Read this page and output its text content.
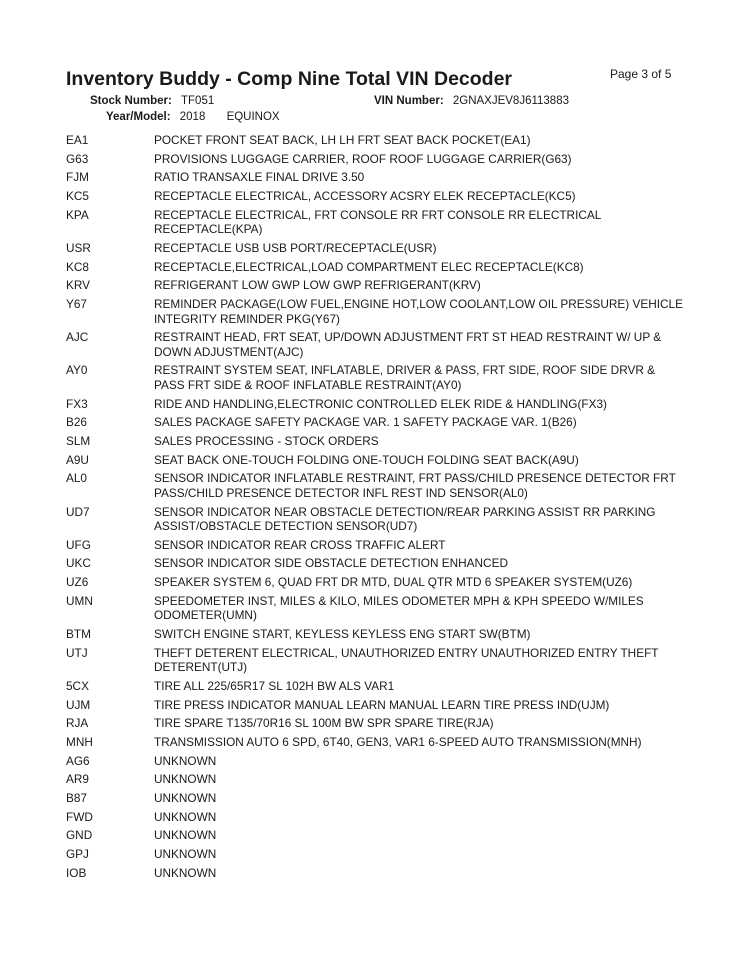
Inventory Buddy - Comp Nine Total VIN Decoder	Page 3 of 5
Stock Number: TF051	VIN Number: 2GNAXJEV8J6113883
Year/Model: 2018 EQUINOX
EA1	POCKET FRONT SEAT BACK, LH LH FRT SEAT BACK POCKET(EA1)
G63	PROVISIONS LUGGAGE CARRIER, ROOF ROOF LUGGAGE CARRIER(G63)
FJM	RATIO TRANSAXLE FINAL DRIVE 3.50
KC5	RECEPTACLE ELECTRICAL, ACCESSORY ACSRY ELEK RECEPTACLE(KC5)
KPA	RECEPTACLE ELECTRICAL, FRT CONSOLE RR FRT CONSOLE RR ELECTRICAL RECEPTACLE(KPA)
USR	RECEPTACLE USB USB PORT/RECEPTACLE(USR)
KC8	RECEPTACLE,ELECTRICAL,LOAD COMPARTMENT ELEC RECEPTACLE(KC8)
KRV	REFRIGERANT LOW GWP LOW GWP REFRIGERANT(KRV)
Y67	REMINDER PACKAGE(LOW FUEL,ENGINE HOT,LOW COOLANT,LOW OIL PRESSURE) VEHICLE INTEGRITY REMINDER PKG(Y67)
AJC	RESTRAINT HEAD, FRT SEAT, UP/DOWN ADJUSTMENT FRT ST HEAD RESTRAINT W/ UP & DOWN ADJUSTMENT(AJC)
AY0	RESTRAINT SYSTEM SEAT, INFLATABLE, DRIVER & PASS, FRT SIDE, ROOF SIDE DRVR & PASS FRT SIDE & ROOF INFLATABLE RESTRAINT(AY0)
FX3	RIDE AND HANDLING,ELECTRONIC CONTROLLED ELEK RIDE & HANDLING(FX3)
B26	SALES PACKAGE SAFETY PACKAGE VAR. 1 SAFETY PACKAGE VAR. 1(B26)
SLM	SALES PROCESSING - STOCK ORDERS
A9U	SEAT BACK ONE-TOUCH FOLDING ONE-TOUCH FOLDING SEAT BACK(A9U)
AL0	SENSOR INDICATOR INFLATABLE RESTRAINT, FRT PASS/CHILD PRESENCE DETECTOR FRT PASS/CHILD PRESENCE DETECTOR INFL REST IND SENSOR(AL0)
UD7	SENSOR INDICATOR NEAR OBSTACLE DETECTION/REAR PARKING ASSIST RR PARKING ASSIST/OBSTACLE DETECTION SENSOR(UD7)
UFG	SENSOR INDICATOR REAR CROSS TRAFFIC ALERT
UKC	SENSOR INDICATOR SIDE OBSTACLE DETECTION ENHANCED
UZ6	SPEAKER SYSTEM 6, QUAD FRT DR MTD, DUAL QTR MTD 6 SPEAKER SYSTEM(UZ6)
UMN	SPEEDOMETER INST, MILES & KILO, MILES ODOMETER MPH & KPH SPEEDO W/MILES ODOMETER(UMN)
BTM	SWITCH ENGINE START, KEYLESS KEYLESS ENG START SW(BTM)
UTJ	THEFT DETERENT ELECTRICAL, UNAUTHORIZED ENTRY UNAUTHORIZED ENTRY THEFT DETERENT(UTJ)
5CX	TIRE ALL 225/65R17 SL 102H BW ALS VAR1
UJM	TIRE PRESS INDICATOR MANUAL LEARN MANUAL LEARN TIRE PRESS IND(UJM)
RJA	TIRE SPARE T135/70R16 SL 100M BW SPR SPARE TIRE(RJA)
MNH	TRANSMISSION AUTO 6 SPD, 6T40, GEN3, VAR1 6-SPEED AUTO TRANSMISSION(MNH)
AG6	UNKNOWN
AR9	UNKNOWN
B87	UNKNOWN
FWD	UNKNOWN
GND	UNKNOWN
GPJ	UNKNOWN
IOB	UNKNOWN
